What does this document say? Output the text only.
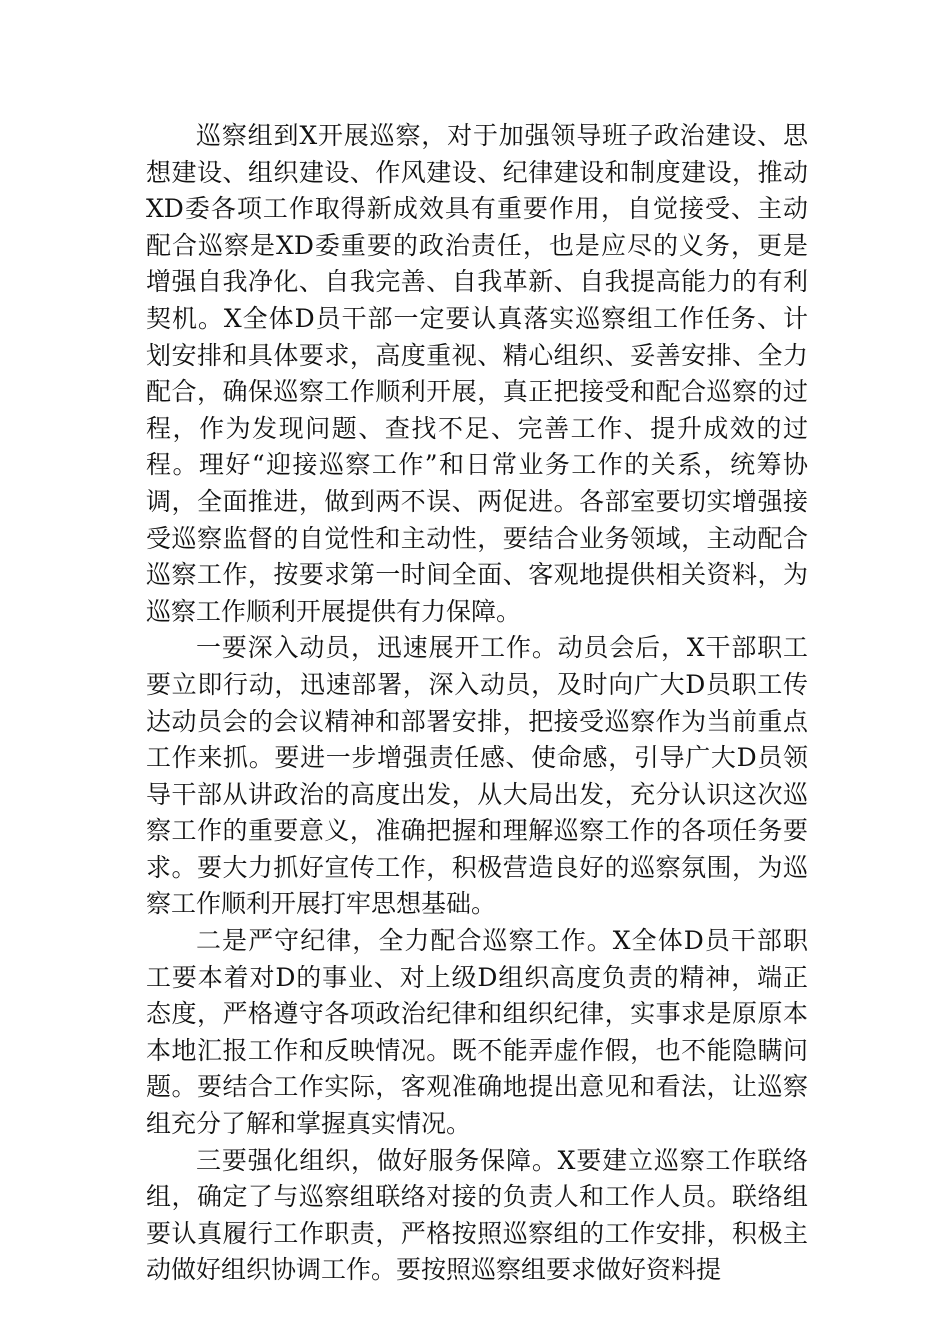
巡察组到X开展巡察，对于加强领导班子政治建设、思想建设、组织建设、作风建设、纪律建设和制度建设，推动XD委各项工作取得新成效具有重要作用，自觉接受、主动配合巡察是XD委重要的政治责任，也是应尽的义务，更是增强自我净化、自我完善、自我革新、自我提高能力的有利契机。X全体D员干部一定要认真落实巡察组工作任务、计划安排和具体要求，高度重视、精心组织、妥善安排、全力配合，确保巡察工作顺利开展，真正把接受和配合巡察的过程，作为发现问题、查找不足、完善工作、提升成效的过程。理好“迎接巡察工作”和日常业务工作的关系，统筹协调，全面推进，做到两不误、两促进。各部室要切实增强接受巡察监督的自觉性和主动性，要结合业务领域，主动配合巡察工作，按要求第一时间全面、客观地提供相关资料，为巡察工作顺利开展提供有力保障。

一要深入动员，迅速展开工作。动员会后，X干部职工要立即行动，迅速部署，深入动员，及时向广大D员职工传达动员会的会议精神和部署安排，把接受巡察作为当前重点工作来抓。要进一步增强责任感、使命感，引导广大D员领导干部从讲政治的高度出发，从大局出发，充分认识这次巡察工作的重要意义，准确把握和理解巡察工作的各项任务要求。要大力抓好宣传工作，积极营造良好的巡察氛围，为巡察工作顺利开展打牢思想基础。

二是严守纪律，全力配合巡察工作。X全体D员干部职工要本着对D的事业、对上级D组织高度负责的精神，端正态度，严格遵守各项政治纪律和组织纪律，实事求是原原本本地汇报工作和反映情况。既不能弄虚作假，也不能隐瞒问题。要结合工作实际，客观准确地提出意见和看法，让巡察组充分了解和掌握真实情况。

三要强化组织，做好服务保障。X要建立巡察工作联络组，确定了与巡察组联络对接的负责人和工作人员。联络组要认真履行工作职责，严格按照巡察组的工作安排，积极主动做好组织协调工作。要按照巡察组要求做好资料提
